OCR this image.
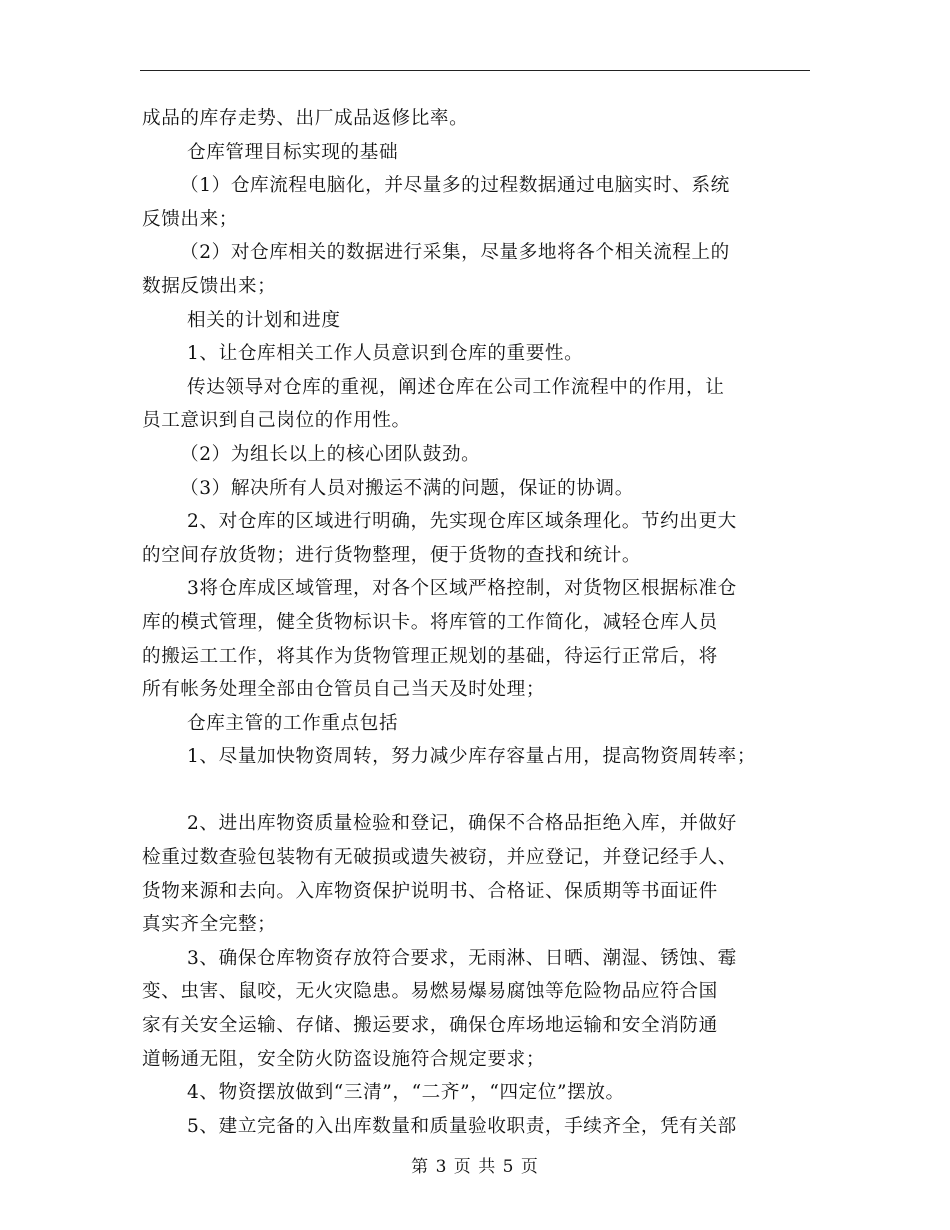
成品的库存走势、出厂成品返修比率。
仓库管理目标实现的基础
（1）仓库流程电脑化，并尽量多的过程数据通过电脑实时、系统
反馈出来；
（2）对仓库相关的数据进行采集，尽量多地将各个相关流程上的
数据反馈出来；
相关的计划和进度
1、让仓库相关工作人员意识到仓库的重要性。
传达领导对仓库的重视，阐述仓库在公司工作流程中的作用，让
员工意识到自己岗位的作用性。
（2）为组长以上的核心团队鼓劲。
（3）解决所有人员对搬运不满的问题，保证的协调。
2、对仓库的区域进行明确，先实现仓库区域条理化。节约出更大
的空间存放货物；进行货物整理，便于货物的查找和统计。
3将仓库成区域管理，对各个区域严格控制，对货物区根据标准仓
库的模式管理，健全货物标识卡。将库管的工作简化，减轻仓库人员
的搬运工工作，将其作为货物管理正规划的基础，待运行正常后，将
所有帐务处理全部由仓管员自己当天及时处理；
仓库主管的工作重点包括
1、尽量加快物资周转，努力减少库存容量占用，提高物资周转率；
2、进出库物资质量检验和登记，确保不合格品拒绝入库，并做好
检重过数查验包装物有无破损或遗失被窃，并应登记，并登记经手人、
货物来源和去向。入库物资保护说明书、合格证、保质期等书面证件
真实齐全完整；
3、确保仓库物资存放符合要求，无雨淋、日晒、潮湿、锈蚀、霉
变、虫害、鼠咬，无火灾隐患。易燃易爆易腐蚀等危险物品应符合国
家有关安全运输、存储、搬运要求，确保仓库场地运输和安全消防通
道畅通无阻，安全防火防盗设施符合规定要求；
4、物资摆放做到“三清”，“二齐”，“四定位”摆放。
5、建立完备的入出库数量和质量验收职责，手续齐全，凭有关部
第 3 页 共 5 页
